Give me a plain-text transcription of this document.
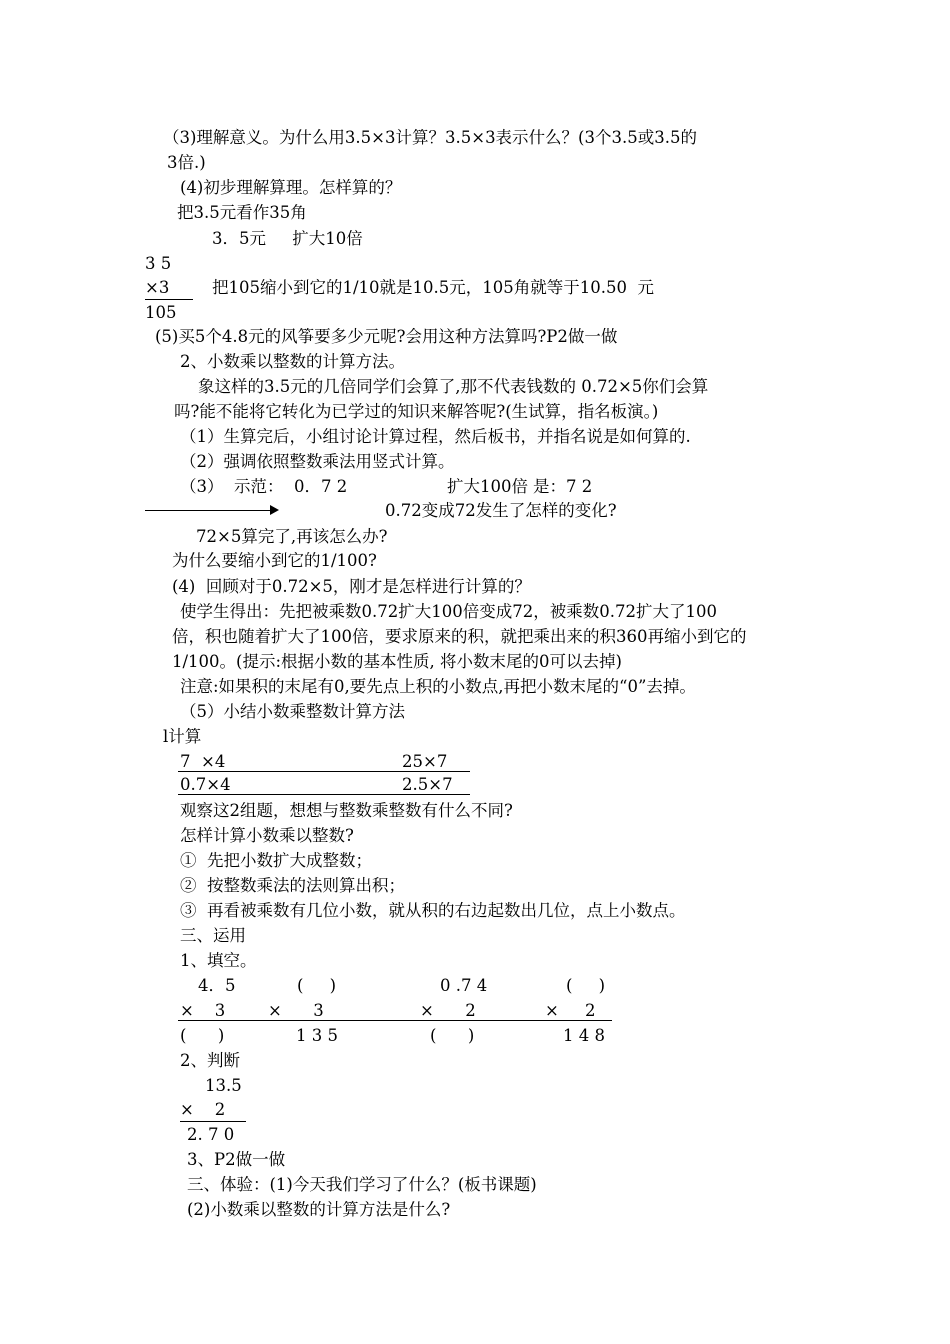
（3)理解意义。为什么用3.5×3计算？3.5×3表示什么？(3个3.5或3.5的
3倍.)
(4)初步理解算理。怎样算的？
把3.5元看作35角
3．5元     扩大10倍
3 5
×3	把105缩小到它的1/10就是10.5元，105角就等于10.50  元
105
(5)买5个4.8元的风筝要多少元呢?会用这种方法算吗?P2做一做
2、小数乘以整数的计算方法。
象这样的3.5元的几倍同学们会算了,那不代表钱数的 0.72×5你们会算
吗?能不能将它转化为已学过的知识来解答呢?(生试算，指名板演。)
（1）生算完后，小组讨论计算过程，然后板书，并指名说是如何算的.
（2）强调依照整数乘法用竖式计算。
（3）  示范：  0．7 2	扩大100倍 是：7 2
0.72变成72发生了怎样的变化?
72×5算完了,再该怎么办?
为什么要缩小到它的1/100?
(4)  回顾对于0.72×5，刚才是怎样进行计算的？
使学生得出：先把被乘数0.72扩大100倍变成72，被乘数0.72扩大了100
倍，积也随着扩大了100倍，要求原来的积，就把乘出来的积360再缩小到它的
1/100。(提示:根据小数的基本性质, 将小数末尾的0可以去掉)
注意:如果积的末尾有0,要先点上积的小数点,再把小数末尾的“0”去掉。
（5）小结小数乘整数计算方法
l计算
7  ×4	25×7
0.7×4	2.5×7
观察这2组题，想想与整数乘整数有什么不同?
怎样计算小数乘以整数?
①  先把小数扩大成整数；
②  按整数乘法的法则算出积；
③  再看被乘数有几位小数，就从积的右边起数出几位，点上小数点。
三、运用
1、填空。
4．5	(     )	0 .7 4	(     )
×    3	×      3	×      2	×     2
(      )	1 3 5	(      )	1 4 8
2、判断
13.5
×    2
2. 7 0
3、P2做一做
三、体验：(1)今天我们学习了什么？(板书课题)
(2)小数乘以整数的计算方法是什么?
